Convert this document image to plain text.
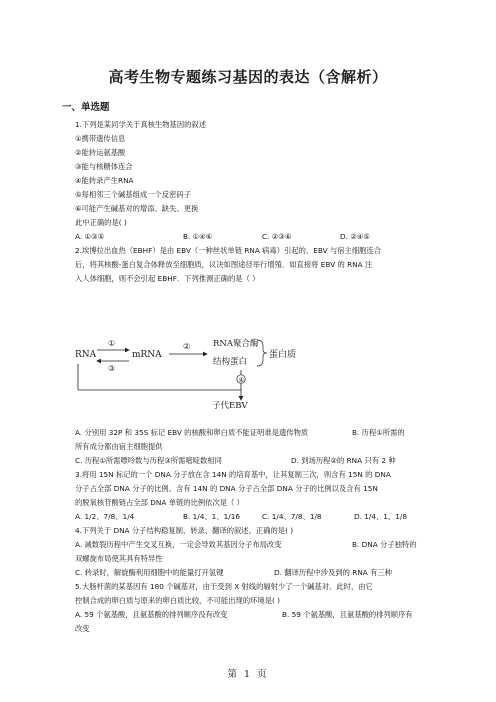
高考生物专题练习基因的表达（含解析）
一、单选题
1.下列是某同学关于真核生物基因的叙述
①携带遗传信息
②能转运氨基酸
③能与核糖体连合
④能转录产生RNA
⑤每相邻三个碱基组成一个反密码子
⑥可能产生碱基对的增添、缺失、更换
此中正确的是( )
A. ①③⑤	B. ①④⑥	C. ②③⑥	D. ②④⑤
2.埃博拉出血热（EBHF）是由 EBV（一种丝状单链 RNA 病毒）引起的，EBV 与宿主细胞连合
后，将其核酸-蛋白复合体释放至细胞质，议决如图途径举行增殖．如直接将 EBV 的 RNA 注
入人体细胞，则不会引起 EBHF．下列推测正确的是（ ）
RNA	mRNA
①
③
②	RNA聚合酶
结构蛋白
蛋白质
④
子代EBV
A. 分别用 32P 和 35S 标记 EBV 的核酸和卵白质不能证明谁是遗传物质	B. 历程①所需的
所有成分都由宿主细胞提供
C. 历程①所需嘌呤数与历程③所需嘧啶数相同	D. 到场历程②的 RNA 只有 2 种
3.将用 15N 标记的一个 DNA 分子放在含 14N 的培育基中，让其复制三次，则含有 15N 的 DNA
分子占全部 DNA 分子的比例、含有 14N 的 DNA 分子占全部 DNA 分子的比例以及含有 15N
的脱氧核苷酸链占全部 DNA 单链的比例依次是（ ）
A. 1/2、7/8、1/4	B. 1/4、1、1/16	C. 1/4、7/8、1/8	D. 1/4、1、1/8
4.下列关于 DNA 分子结构稳复制、转录、翻译的叙述，正确的是( )
A. 减数裂历程中产生交叉互换，一定会导致其基因分子布局改变	B. DNA 分子独特的
双螺旋布局使其具有特异性
C. 转录时，解旋酶利用细胞中的能量打开氢键	D. 翻译历程中涉及到的 RNA 有三种
5.大肠杆菌的某基因有 180 个碱基对，由于受到 X 射线的辐射少了一个碱基对．此时，由它
控制合成的卵白质与原来的卵白质比较，不可能出现的环境是( )
A. 59 个氨基酸，且氨基酸的排列顺序没有改变	B. 59 个氨基酸，且氨基酸的排列顺序有
改变
第 1 页
